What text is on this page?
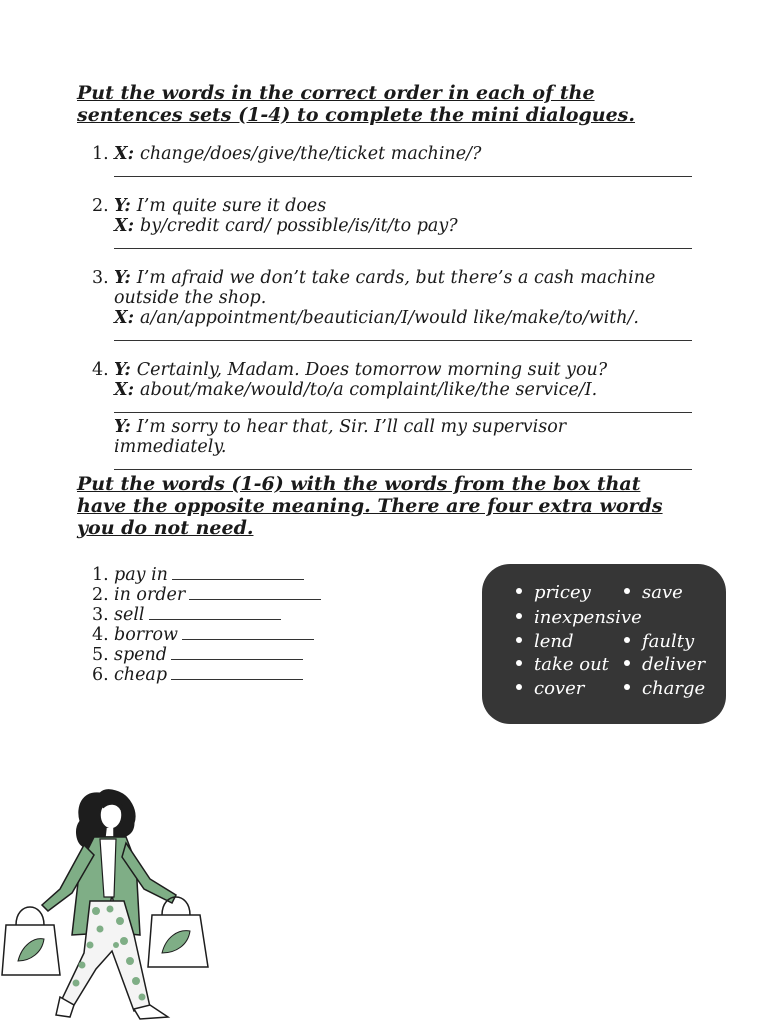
Put the words in the correct order in each of the
sentences sets (1-4) to complete the mini dialogues.
1. X: change/does/give/the/ticket machine/?
2. Y: I’m quite sure it does
X: by/credit card/ possible/is/it/to pay?
3. Y: I’m afraid we don’t take cards, but there’s a cash machine outside the shop.
X: a/an/appointment/beautician/I/would like/make/to/with/.
4. Y: Certainly, Madam. Does tomorrow morning suit you?
X: about/make/would/to/a complaint/like/the service/I.
Y: I’m sorry to hear that, Sir. I’ll call my supervisor immediately.
Put the words (1-6) with the words from the box that
have the opposite meaning. There are four extra words
you do not need.
1. pay in
2. in order
3. sell
4. borrow
5. spend
6. cheap
pricey	save
inexpensive
lend	faulty
take out	deliver
cover	charge
